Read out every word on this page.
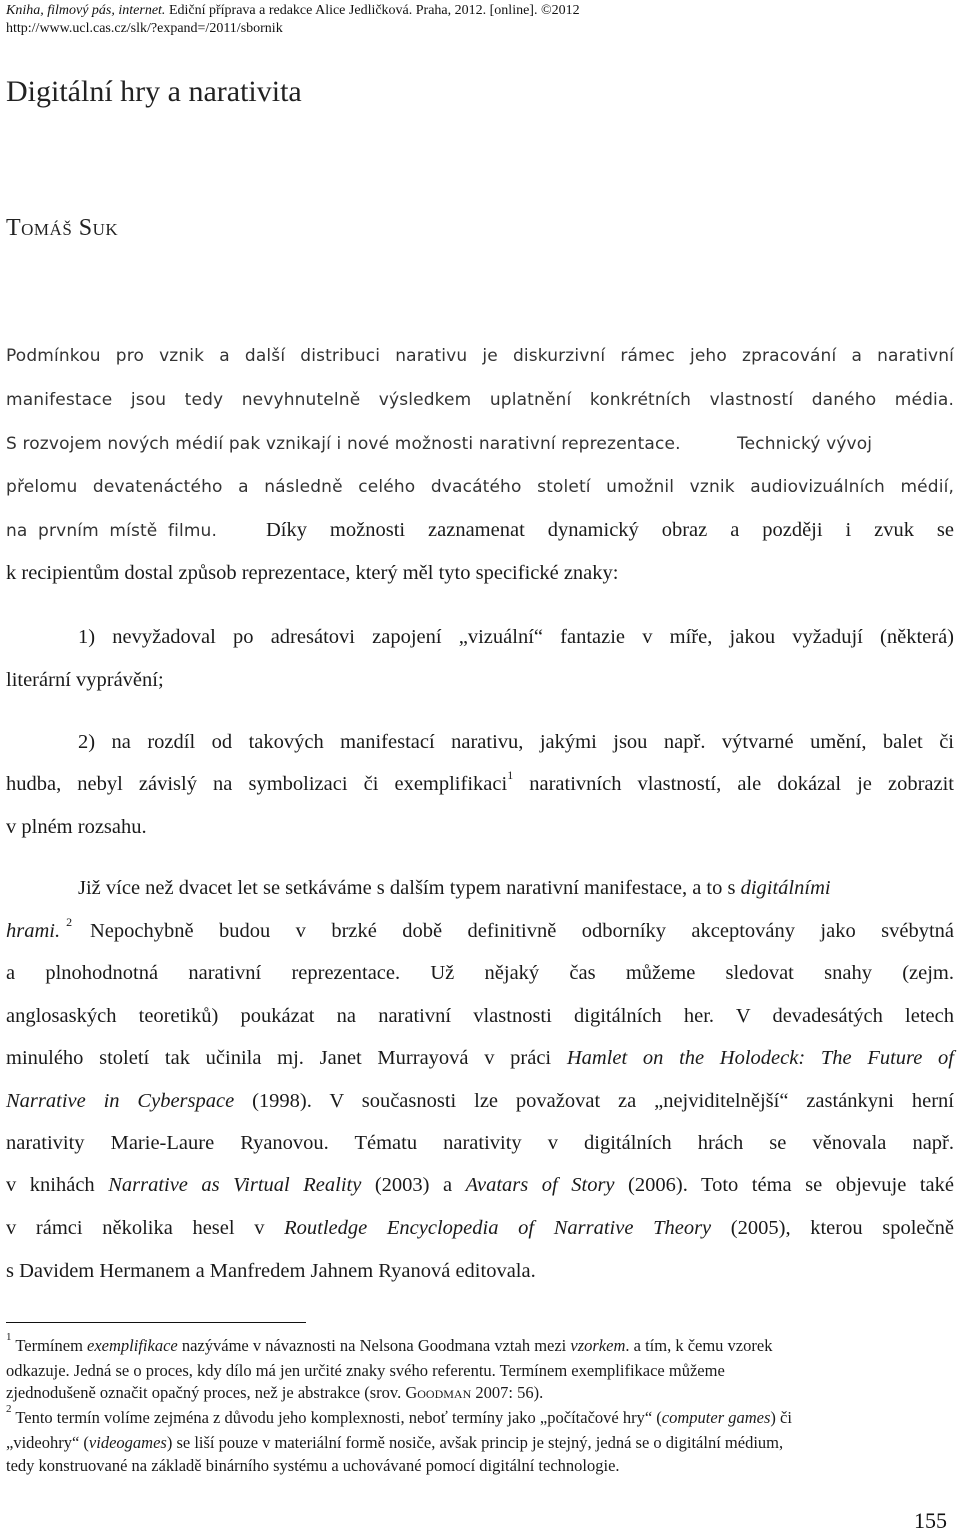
Kniha, filmový pás, internet. Ediční příprava a redakce Alice Jedličková. Praha, 2012. [online]. ©2012
http://www.ucl.cas.cz/slk/?expand=/2011/sbornik
Digitální hry a narativita
Tomáš Suk
Podmínkou pro vznik a další distribuci narativu je diskurzivní rámec jeho zpracování a narativní
manifestace jsou tedy nevyhnutelně výsledkem uplatnění konkrétních vlastností daného média.
S rozvojem nových médií pak vznikají i nové možnosti narativní reprezentace.	Technický vývoj
přelomu devatenáctého a následně celého dvacátého století umožnil vznik audiovizuálních médií,
na prvním místě filmu. Díky možnosti zaznamenat dynamický obraz a později i zvuk se
k recipientům dostal způsob reprezentace, který měl tyto specifické znaky:
1) nevyžadoval po adresátovi zapojení „vizuální“ fantazie v míře, jakou vyžadují (některá)
literární vyprávění;
2) na rozdíl od takových manifestací narativu, jakými jsou např. výtvarné umění, balet či
hudba, nebyl závislý na symbolizaci či exemplifikaci$^1$ narativních vlastností, ale dokázal je zobrazit
v plném rozsahu.
Již více než dvacet let se setkáváme s dalším typem narativní manifestace, a to s digitálními
hrami. $^2$ Nepochybně budou v brzké době definitivně odborníky akceptovány jako svébytná
a plnohodnotná narativní reprezentace. Už nějaký čas můžeme sledovat snahy (zejm.
anglosaských teoretiků) poukázat na narativní vlastnosti digitálních her. V devadesátých letech
minulého století tak učinila mj. Janet Murrayová v práci Hamlet on the Holodeck: The Future of
Narrative in Cyberspace (1998). V současnosti lze považovat za „nejviditelnější“ zastánkyni herní
narativity Marie-Laure Ryanovou. Tématu narativity v digitálních hrách se věnovala např.
v knihách Narrative as Virtual Reality (2003) a Avatars of Story (2006). Toto téma se objevuje také
v rámci několika hesel v Routledge Encyclopedia of Narrative Theory (2005), kterou společně
s Davidem Hermanem a Manfredem Jahnem Ryanová editovala.
$^1$ Termínem exemplifikace nazýváme v návaznosti na Nelsona Goodmana vztah mezi vzorkem. a tím, k čemu vzorek
odkazuje. Jedná se o proces, kdy dílo má jen určité znaky svého referentu. Termínem exemplifikace můžeme
zjednodušeně označit opačný proces, než je abstrakce (srov. Goodman 2007: 56).
$^2$ Tento termín volíme zejména z důvodu jeho komplexnosti, neboť termíny jako „počítačové hry“ (computer games) či
„videohry“ (videogames) se liší pouze v materiální formě nosiče, avšak princip je stejný, jedná se o digitální médium,
tedy konstruované na základě binárního systému a uchovávané pomocí digitální technologie.
155
